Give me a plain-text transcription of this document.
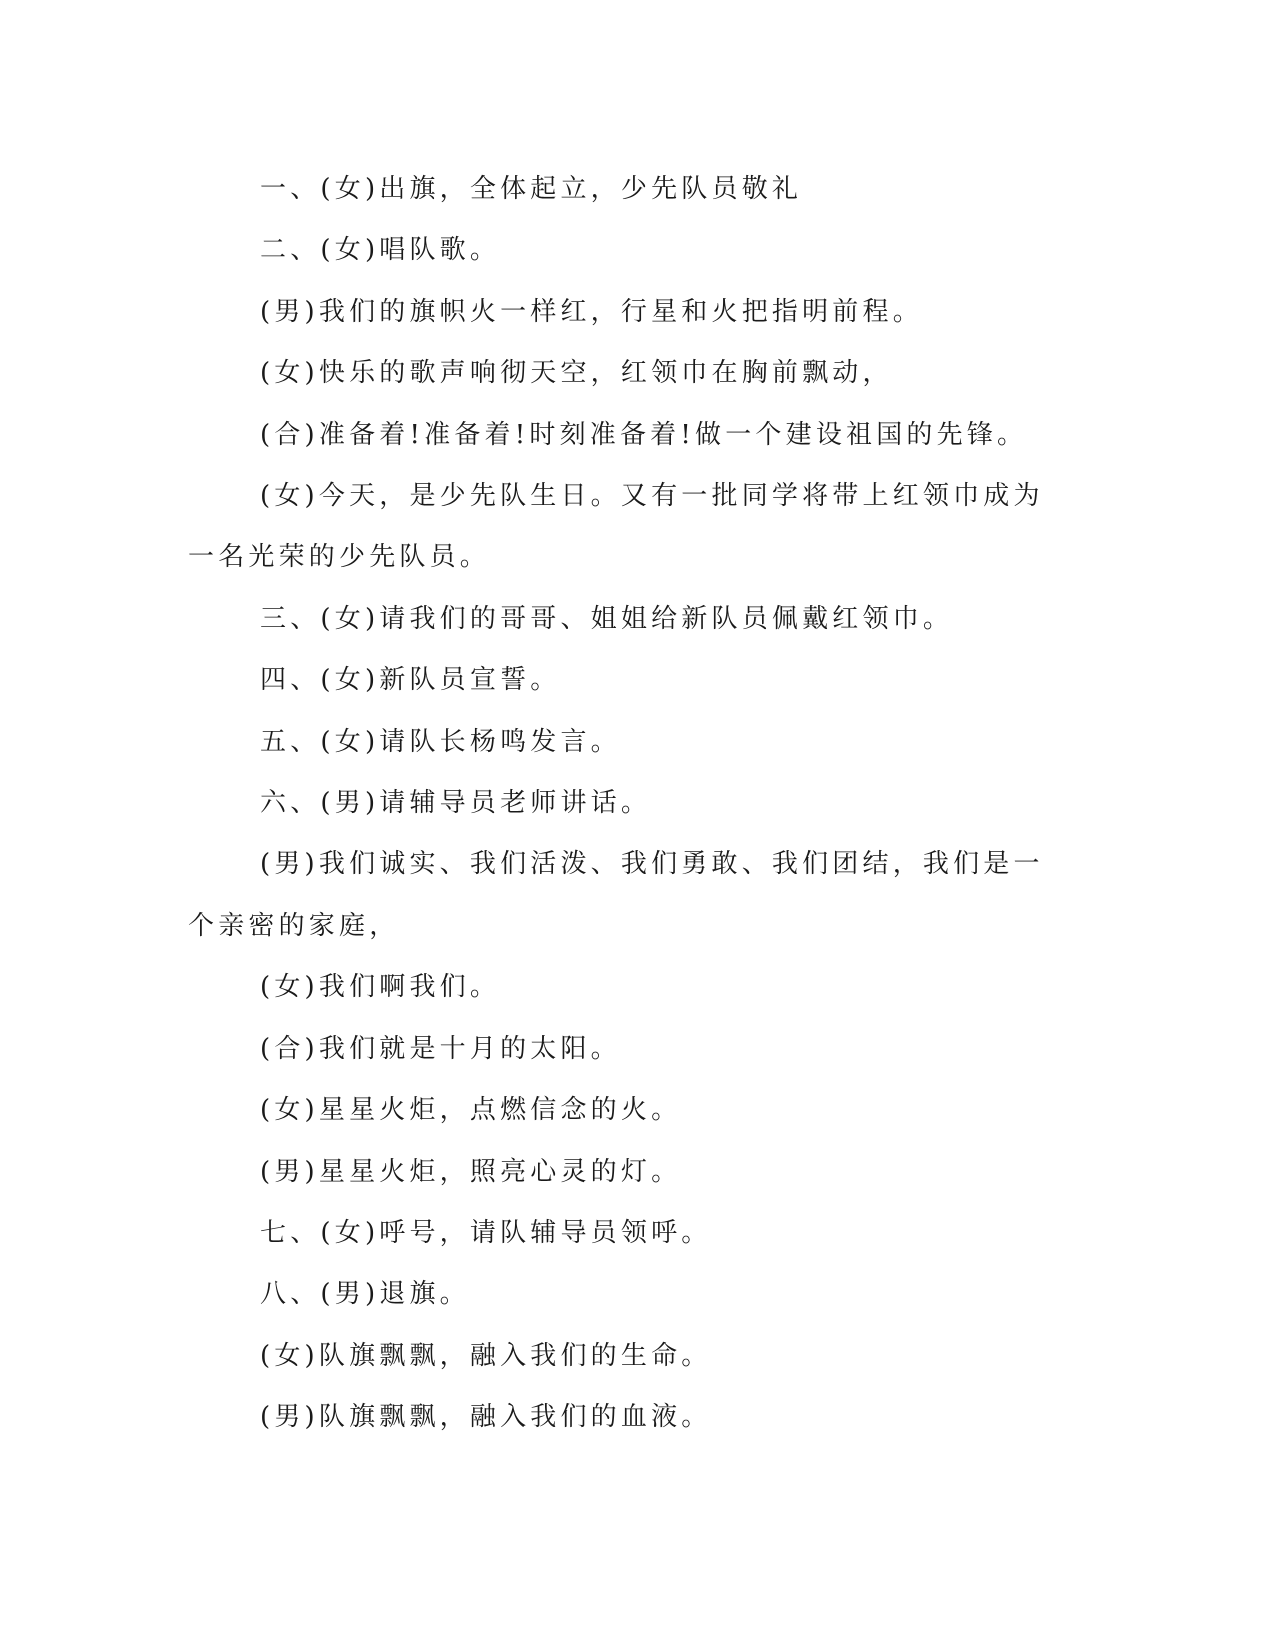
一、(女)出旗，全体起立，少先队员敬礼

二、(女)唱队歌。

(男)我们的旗帜火一样红，行星和火把指明前程。

(女)快乐的歌声响彻天空，红领巾在胸前飘动，

(合)准备着!准备着!时刻准备着!做一个建设祖国的先锋。

(女)今天，是少先队生日。又有一批同学将带上红领巾成为一名光荣的少先队员。

三、(女)请我们的哥哥、姐姐给新队员佩戴红领巾。

四、(女)新队员宣誓。

五、(女)请队长杨鸣发言。

六、(男)请辅导员老师讲话。

(男)我们诚实、我们活泼、我们勇敢、我们团结，我们是一个亲密的家庭，

(女)我们啊我们。

(合)我们就是十月的太阳。

(女)星星火炬，点燃信念的火。

(男)星星火炬，照亮心灵的灯。

七、(女)呼号，请队辅导员领呼。

八、(男)退旗。

(女)队旗飘飘，融入我们的生命。

(男)队旗飘飘，融入我们的血液。
